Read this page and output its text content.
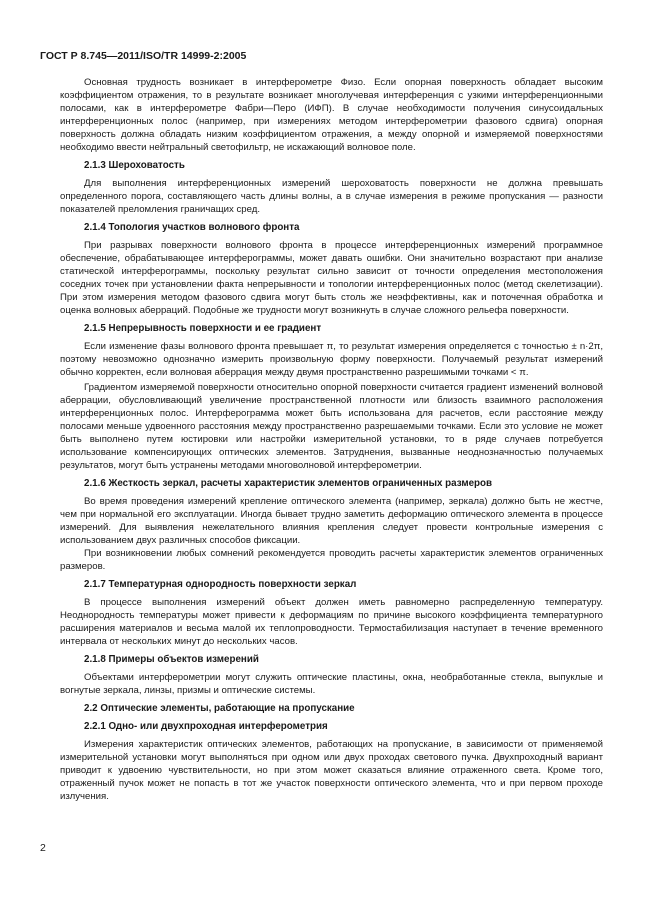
ГОСТ Р 8.745—2011/ISO/TR 14999-2:2005

Основная трудность возникает в интерферометре Физо. Если опорная поверхность обладает высоким коэффициентом отражения, то в результате возникает многолучевая интерференция с узкими интерференционными полосами, как в интерферометре Фабри—Перо (ИФП). В случае необходимости получения синусоидальных интерференционных полос (например, при измерениях методом интерферометрии фазового сдвига) опорная поверхность должна обладать низким коэффициентом отражения, а между опорной и измеряемой поверхностями необходимо ввести нейтральный светофильтр, не искажающий волновое поле.

2.1.3 Шероховатость

Для выполнения интерференционных измерений шероховатость поверхности не должна превышать определенного порога, составляющего часть длины волны, а в случае измерения в режиме пропускания — разности показателей преломления граничащих сред.

2.1.4 Топология участков волнового фронта

При разрывах поверхности волнового фронта в процессе интерференционных измерений программное обеспечение, обрабатывающее интерферограммы, может давать ошибки. Они значительно возрастают при анализе статической интерферограммы, поскольку результат сильно зависит от точности определения местоположения соседних точек при установлении факта непрерывности и топологии интерференционных полос (метод скелетизации). При этом измерения методом фазового сдвига могут быть столь же неэффективны, как и поточечная обработка и оценка волновых аберраций. Подобные же трудности могут возникнуть в случае сложного рельефа поверхности.

2.1.5 Непрерывность поверхности и ее градиент

Если изменение фазы волнового фронта превышает π, то результат измерения определяется с точностью ± n·2π, поэтому невозможно однозначно измерить произвольную форму поверхности. Получаемый результат измерений обычно корректен, если волновая аберрация между двумя пространственно разрешимыми точками < π.

Градиентом измеряемой поверхности относительно опорной поверхности считается градиент изменений волновой аберрации, обусловливающий увеличение пространственной плотности или близость взаимного расположения интерференционных полос. Интерферограмма может быть использована для расчетов, если расстояние между полосами меньше удвоенного расстояния между пространственно разрешаемыми точками. Если это условие не может быть выполнено путем юстировки или настройки измерительной установки, то в ряде случаев потребуется использование компенсирующих оптических элементов. Затруднения, вызванные неоднозначностью получаемых результатов, могут быть устранены методами многоволновой интерферометрии.

2.1.6 Жесткость зеркал, расчеты характеристик элементов ограниченных размеров

Во время проведения измерений крепление оптического элемента (например, зеркала) должно быть не жестче, чем при нормальной его эксплуатации. Иногда бывает трудно заметить деформацию оптического элемента в процессе измерений. Для выявления нежелательного влияния крепления следует провести контрольные измерения с использованием двух различных способов фиксации.

При возникновении любых сомнений рекомендуется проводить расчеты характеристик элементов ограниченных размеров.

2.1.7 Температурная однородность поверхности зеркал

В процессе выполнения измерений объект должен иметь равномерно распределенную температуру. Неоднородность температуры может привести к деформациям по причине высокого коэффициента температурного расширения материалов и весьма малой их теплопроводности. Термостабилизация наступает в течение временного интервала от нескольких минут до нескольких часов.

2.1.8 Примеры объектов измерений

Объектами интерферометрии могут служить оптические пластины, окна, необработанные стекла, выпуклые и вогнутые зеркала, линзы, призмы и оптические системы.

2.2 Оптические элементы, работающие на пропускание
2.2.1 Одно- или двухпроходная интерферометрия

Измерения характеристик оптических элементов, работающих на пропускание, в зависимости от применяемой измерительной установки могут выполняться при одном или двух проходах светового пучка. Двухпроходный вариант приводит к удвоению чувствительности, но при этом может сказаться влияние отраженного света. Кроме того, отраженный пучок может не попасть в тот же участок поверхности оптического элемента, что и при первом проходе излучения.

2
